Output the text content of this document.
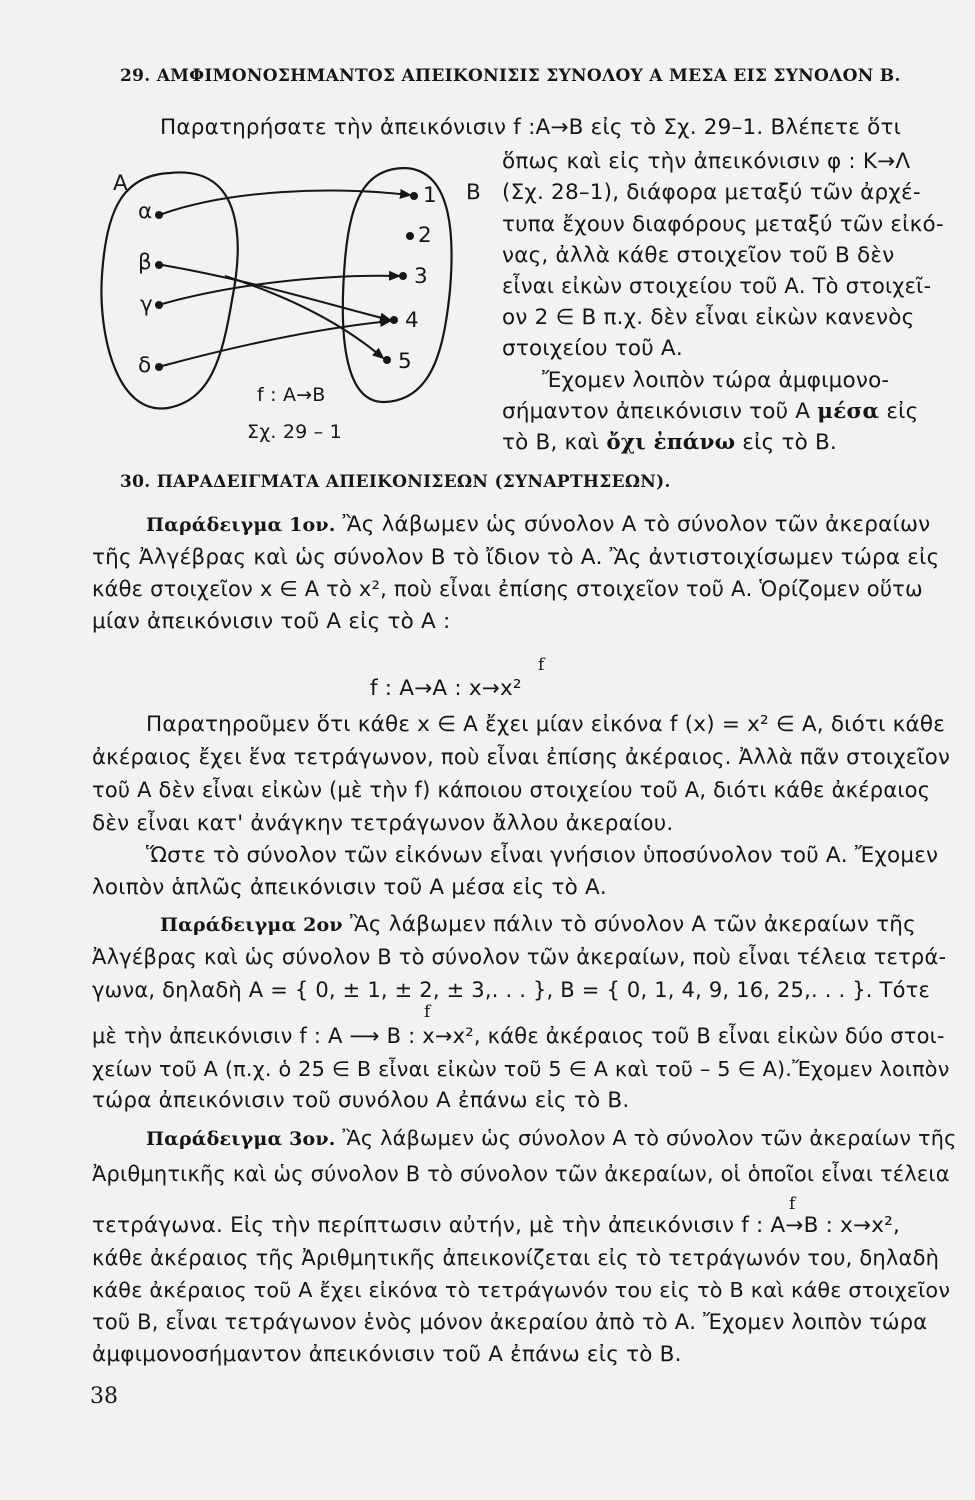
29. ΑΜΦΙΜΟΝΟΣΗΜΑΝΤΟΣ ΑΠΕΙΚΟΝΙΣΙΣ ΣΥΝΟΛΟΥ Α ΜΕΣΑ ΕΙΣ ΣΥΝΟΛΟΝ Β.
Παρατηρήσατε τὴν ἀπεικόνισιν f :A→B εἰς τὸ Σχ. 29–1. Βλέπετε ὅτι
ὅπως καὶ εἰς τὴν ἀπεικόνισιν φ : Κ→Λ
(Σχ. 28–1), διάφορα μεταξύ τῶν ἀρχέ-
τυπα ἔχουν διαφόρους μεταξύ τῶν εἰκό-
νας, ἀλλὰ κάθε στοιχεῖον τοῦ Β δὲν
εἶναι εἰκὼν στοιχείου τοῦ Α. Τὸ στοιχεῖ-
ον 2 ∈ Β π.χ. δὲν εἶναι εἰκὼν κανενὸς
στοιχείου τοῦ Α.
Ἔχομεν λοιπὸν τώρα ἀμφιμονο-
σήμαντον ἀπεικόνισιν τοῦ Α μέσα εἰς
τὸ Β, καὶ ὄχι ἐπάνω εἰς τὸ Β.
Α	Β
α
β
γ
δ
1
2
3
4
5
f : A→B
Σχ. 29 – 1
30. ΠΑΡΑΔΕΙΓΜΑΤΑ ΑΠΕΙΚΟΝΙΣΕΩΝ (ΣΥΝΑΡΤΗΣΕΩΝ).
Παράδειγμα 1ον. Ἂς λάβωμεν ὡς σύνολον Α τὸ σύνολον τῶν ἀκεραίων
τῆς Ἀλγέβρας καὶ ὡς σύνολον Β τὸ ἴδιον τὸ Α. Ἂς ἀντιστοιχίσωμεν τώρα εἰς
κάθε στοιχεῖον x ∈ A τὸ x², ποὺ εἶναι ἐπίσης στοιχεῖον τοῦ Α. Ὁρίζομεν οὕτω
μίαν ἀπεικόνισιν τοῦ Α εἰς τὸ Α :
f
f : A→A : x→x²
Παρατηροῦμεν ὅτι κάθε x ∈ A ἔχει μίαν εἰκόνα f (x) = x² ∈ A, διότι κάθε
ἀκέραιος ἔχει ἕνα τετράγωνον, ποὺ εἶναι ἐπίσης ἀκέραιος. Ἀλλὰ πᾶν στοιχεῖον
τοῦ Α δὲν εἶναι εἰκὼν (μὲ τὴν f) κάποιου στοιχείου τοῦ Α, διότι κάθε ἀκέραιος
δὲν εἶναι κατ' ἀνάγκην τετράγωνον ἄλλου ἀκεραίου.
Ὥστε τὸ σύνολον τῶν εἰκόνων εἶναι γνήσιον ὑποσύνολον τοῦ Α. Ἔχομεν
λοιπὸν ἁπλῶς ἀπεικόνισιν τοῦ Α μέσα εἰς τὸ Α.
Παράδειγμα 2ον Ἂς λάβωμεν πάλιν τὸ σύνολον Α τῶν ἀκεραίων τῆς
Ἀλγέβρας καὶ ὡς σύνολον Β τὸ σύνολον τῶν ἀκεραίων, ποὺ εἶναι τέλεια τετρά-
γωνα, δηλαδὴ A = { 0, ± 1, ± 2, ± 3,. . . }, B = { 0, 1, 4, 9, 16, 25,. . . }. Τότε
f
μὲ τὴν ἀπεικόνισιν f : A ⟶ B : x→x², κάθε ἀκέραιος τοῦ Β εἶναι εἰκὼν δύο στοι-
χείων τοῦ Α (π.χ. ὁ 25 ∈ B εἶναι εἰκὼν τοῦ 5 ∈ A καὶ τοῦ – 5 ∈ A).Ἔχομεν λοιπὸν
τώρα ἀπεικόνισιν τοῦ συνόλου Α ἐπάνω εἰς τὸ Β.
Παράδειγμα 3ον. Ἂς λάβωμεν ὡς σύνολον Α τὸ σύνολον τῶν ἀκεραίων τῆς
Ἀριθμητικῆς καὶ ὡς σύνολον Β τὸ σύνολον τῶν ἀκεραίων, οἱ ὁποῖοι εἶναι τέλεια
f
τετράγωνα. Εἰς τὴν περίπτωσιν αὐτήν, μὲ τὴν ἀπεικόνισιν f : A→B : x→x²,
κάθε ἀκέραιος τῆς Ἀριθμητικῆς ἀπεικονίζεται εἰς τὸ τετράγωνόν του, δηλαδὴ
κάθε ἀκέραιος τοῦ Α ἔχει εἰκόνα τὸ τετράγωνόν του εἰς τὸ Β καὶ κάθε στοιχεῖον
τοῦ Β, εἶναι τετράγωνον ἑνὸς μόνον ἀκεραίου ἀπὸ τὸ Α. Ἔχομεν λοιπὸν τώρα
ἀμφιμονοσήμαντον ἀπεικόνισιν τοῦ Α ἐπάνω εἰς τὸ Β.
38
